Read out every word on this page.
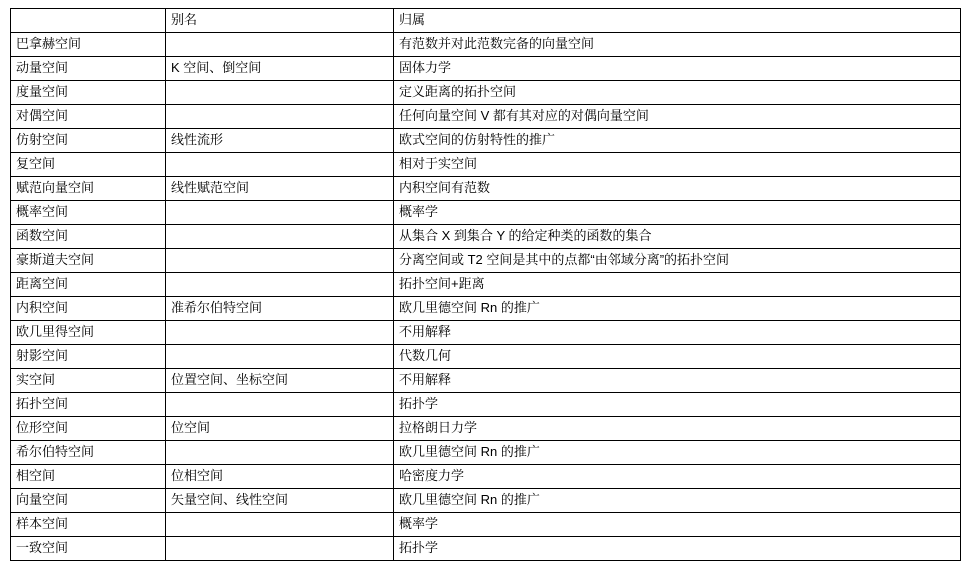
	别名	归属
巴拿赫空间		有范数并对此范数完备的向量空间
动量空间	K 空间、倒空间	固体力学
度量空间		定义距离的拓扑空间
对偶空间		任何向量空间 V 都有其对应的对偶向量空间
仿射空间	线性流形	欧式空间的仿射特性的推广
复空间		相对于实空间
赋范向量空间	线性赋范空间	内积空间有范数
概率空间		概率学
函数空间		从集合 X 到集合 Y 的给定种类的函数的集合
豪斯道夫空间		分离空间或 T2 空间是其中的点都“由邻域分离”的拓扑空间
距离空间		拓扑空间+距离
内积空间	准希尔伯特空间	欧几里德空间 Rn 的推广
欧几里得空间		不用解释
射影空间		代数几何
实空间	位置空间、坐标空间	不用解释
拓扑空间		拓扑学
位形空间	位空间	拉格朗日力学
希尔伯特空间		欧几里德空间 Rn 的推广
相空间	位相空间	哈密度力学
向量空间	矢量空间、线性空间	欧几里德空间 Rn 的推广
样本空间		概率学
一致空间		拓扑学
